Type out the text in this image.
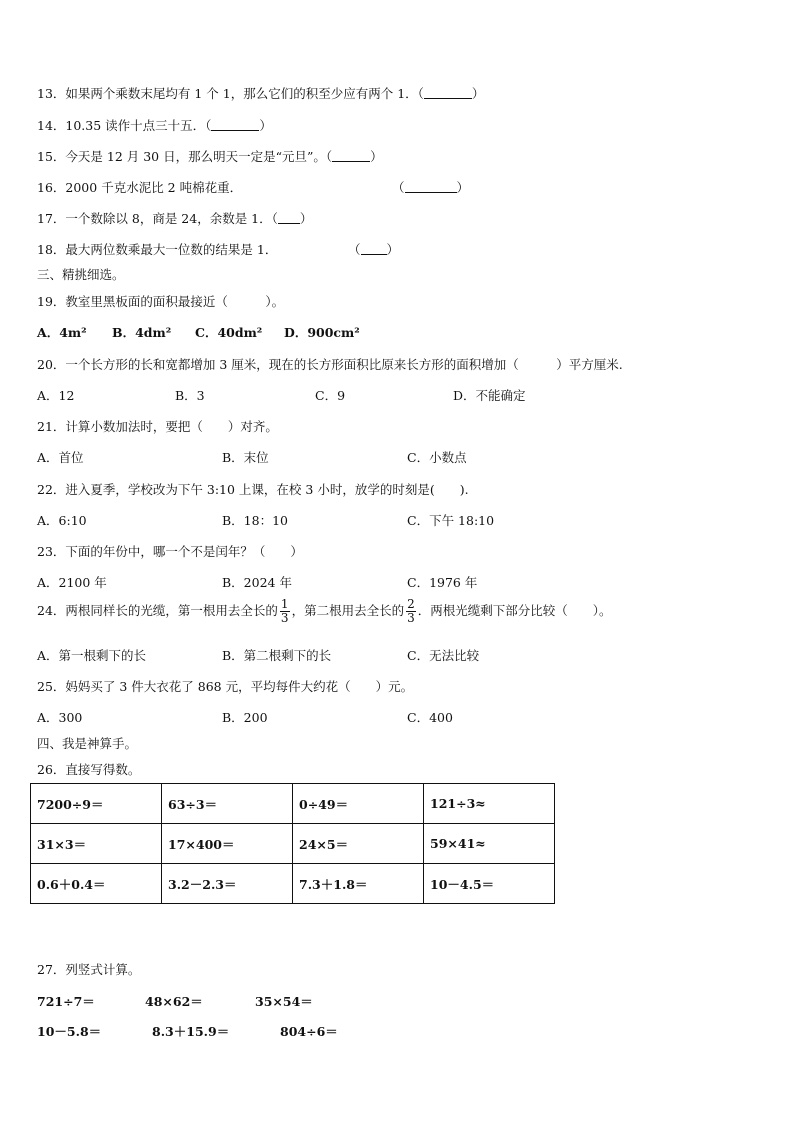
13．如果两个乘数末尾均有 1 个 1，那么它们的积至少应有两个 1．（	）
14．10.35 读作十点三十五．（	）
15．今天是 12 月 30 日，那么明天一定是“元旦”。（	）
16．2000 千克水泥比 2 吨棉花重．	（	）
17．一个数除以 8，商是 24，余数是 1．（ ）
18．最大两位数乘最大一位数的结果是 1．	（ ）
三、精挑细选。
19．教室里黑板面的面积最接近（　　　）。
A．4m² B．4dm² C．40dm² D．900cm²
20．一个长方形的长和宽都增加 3 厘米，现在的长方形面积比原来长方形的面积增加（　　　）平方厘米.
A．12	B．3	C．9	D．不能确定
21．计算小数加法时，要把（　　）对齐。
A．首位	B．末位	C．小数点
22．进入夏季，学校改为下午 3:10 上课，在校 3 小时，放学的时刻是(　　).
A．6:10	B．18：10	C．下午 18:10
23．下面的年份中，哪一个不是闰年？（　　）
A．2100 年	B．2024 年	C．1976 年
24．两根同样长的光缆，第一根用去全长的 $\frac{1}{3}$ ，第二根用去全长的 $\frac{2}{3}$ ．两根光缆剩下部分比较（　　）。
A．第一根剩下的长	B．第二根剩下的长	C．无法比较
25．妈妈买了 3 件大衣花了 868 元，平均每件大约花（　　）元。
A．300	B．200	C．400
四、我是神算手。
26．直接写得数。
7200÷9＝	63÷3＝	0÷49＝	121÷3≈
31×3＝	17×400＝	24×5＝	59×41≈
0.6＋0.4＝	3.2－2.3＝	7.3＋1.8＝	10－4.5＝
27．列竖式计算。
721÷7＝	48×62＝	35×54＝
10－5.8＝	8.3＋15.9＝	804÷6＝
